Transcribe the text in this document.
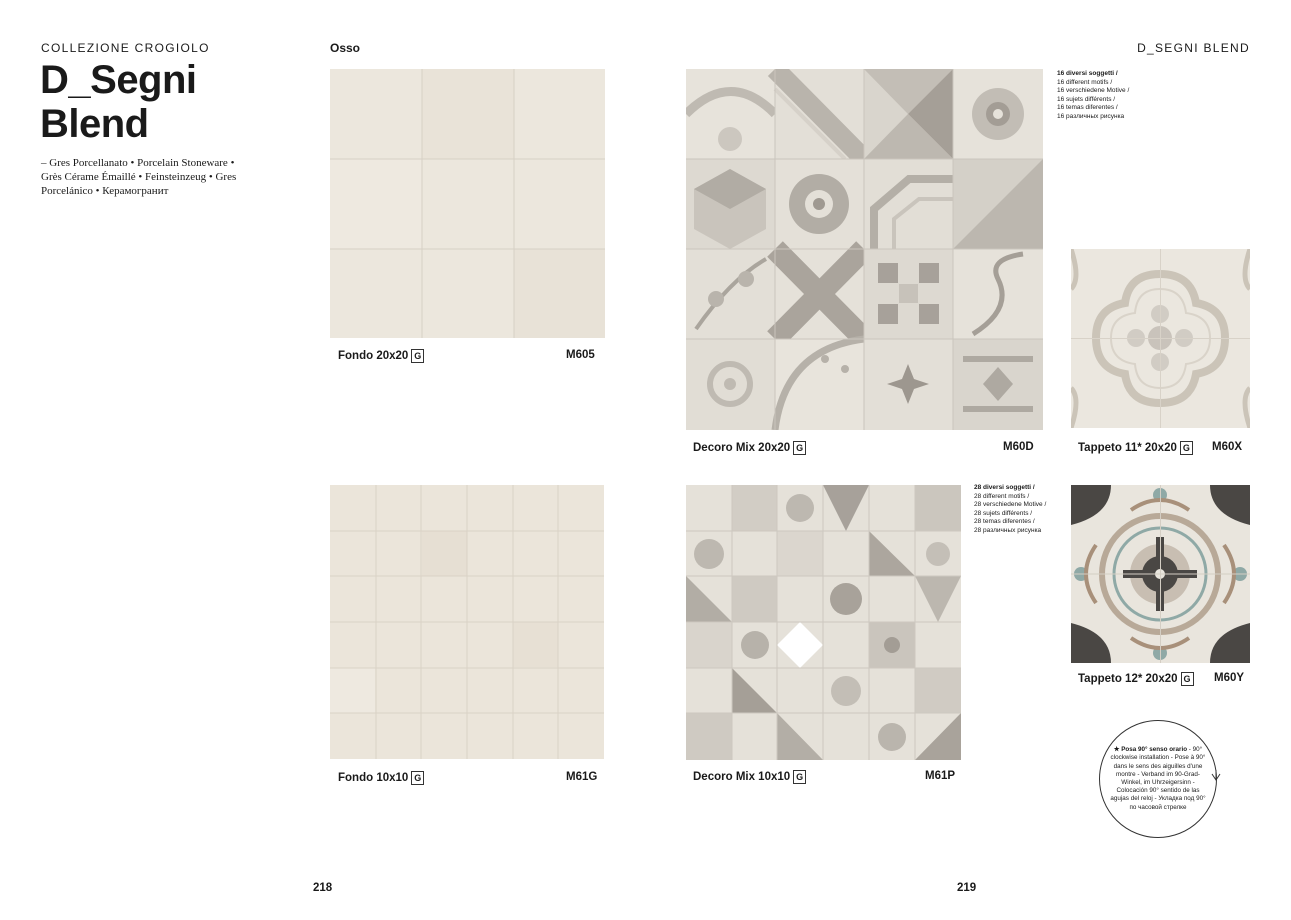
COLLEZIONE CROGIOLO
D_Segni
Blend
– Gres Porcellanato • Porcelain Stoneware • Grès Cérame Émaillé • Feinsteinzeug • Gres Porcelánico • Керамогранит
Osso	D_SEGNI BLEND
Fondo 20x20 G	M605
Fondo 10x10 G	M61G
16 diversi soggetti /
16 different motifs /
16 verschiedene Motive /
16 sujets différents /
16 temas diferentes /
16 различных рисунка
Decoro Mix 20x20 G	M60D	Tappeto 11* 20x20 G M60X
28 diversi soggetti /
28 different motifs /
28 verschiedene Motive /
28 sujets différents /
28 temas diferentes /
28 различных рисунка
Decoro Mix 10x10 G	M61P
Tappeto 12* 20x20 G M60Y
★ Posa 90° senso orario - 90° clockwise installation - Pose à 90° dans le sens des aiguilles d'une montre - Verband im 90-Grad-Winkel, im Uhrzeigersinn - Colocación 90° sentido de las agujas del reloj - Укладка под 90° по часовой стрелке
218	219
